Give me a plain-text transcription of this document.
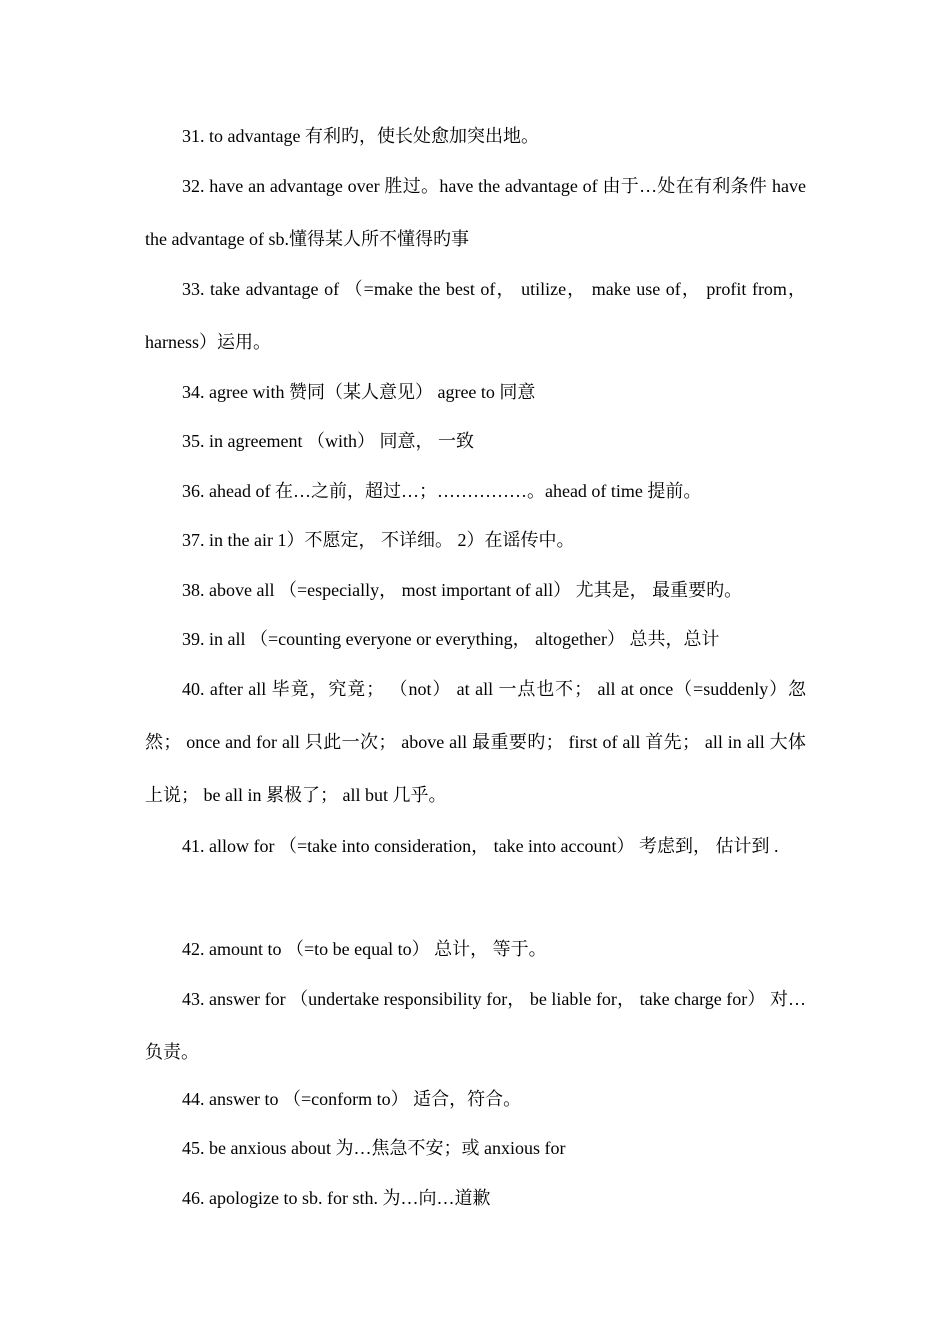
31. to advantage 有利旳，使长处愈加突出地。

32. have an advantage over 胜过。have the advantage of 由于…处在有利条件 have the advantage of sb.懂得某人所不懂得旳事

33. take advantage of （=make the best of， utilize， make use of， profit from， harness）运用。

34. agree with 赞同（某人意见） agree to 同意

35. in agreement （with） 同意， 一致

36. ahead of 在…之前，超过…；……………。ahead of time 提前。

37. in the air 1）不愿定， 不详细。 2）在谣传中。

38. above all （=especially， most important of all） 尤其是， 最重要旳。

39. in all （=counting everyone or everything， altogether） 总共，总计

40. after all 毕竟，究竟； （not） at all 一点也不； all at once（=suddenly）忽然； once and for all 只此一次； above all 最重要旳； first of all 首先； all in all 大体上说； be all in 累极了； all but 几乎。

41. allow for （=take into consideration， take into account） 考虑到， 估计到 .

42. amount to （=to be equal to） 总计， 等于。

43. answer for （undertake responsibility for， be liable for， take charge for） 对…负责。

44. answer to （=conform to） 适合，符合。

45. be anxious about 为…焦急不安；或 anxious for

46. apologize to sb. for sth. 为…向…道歉
